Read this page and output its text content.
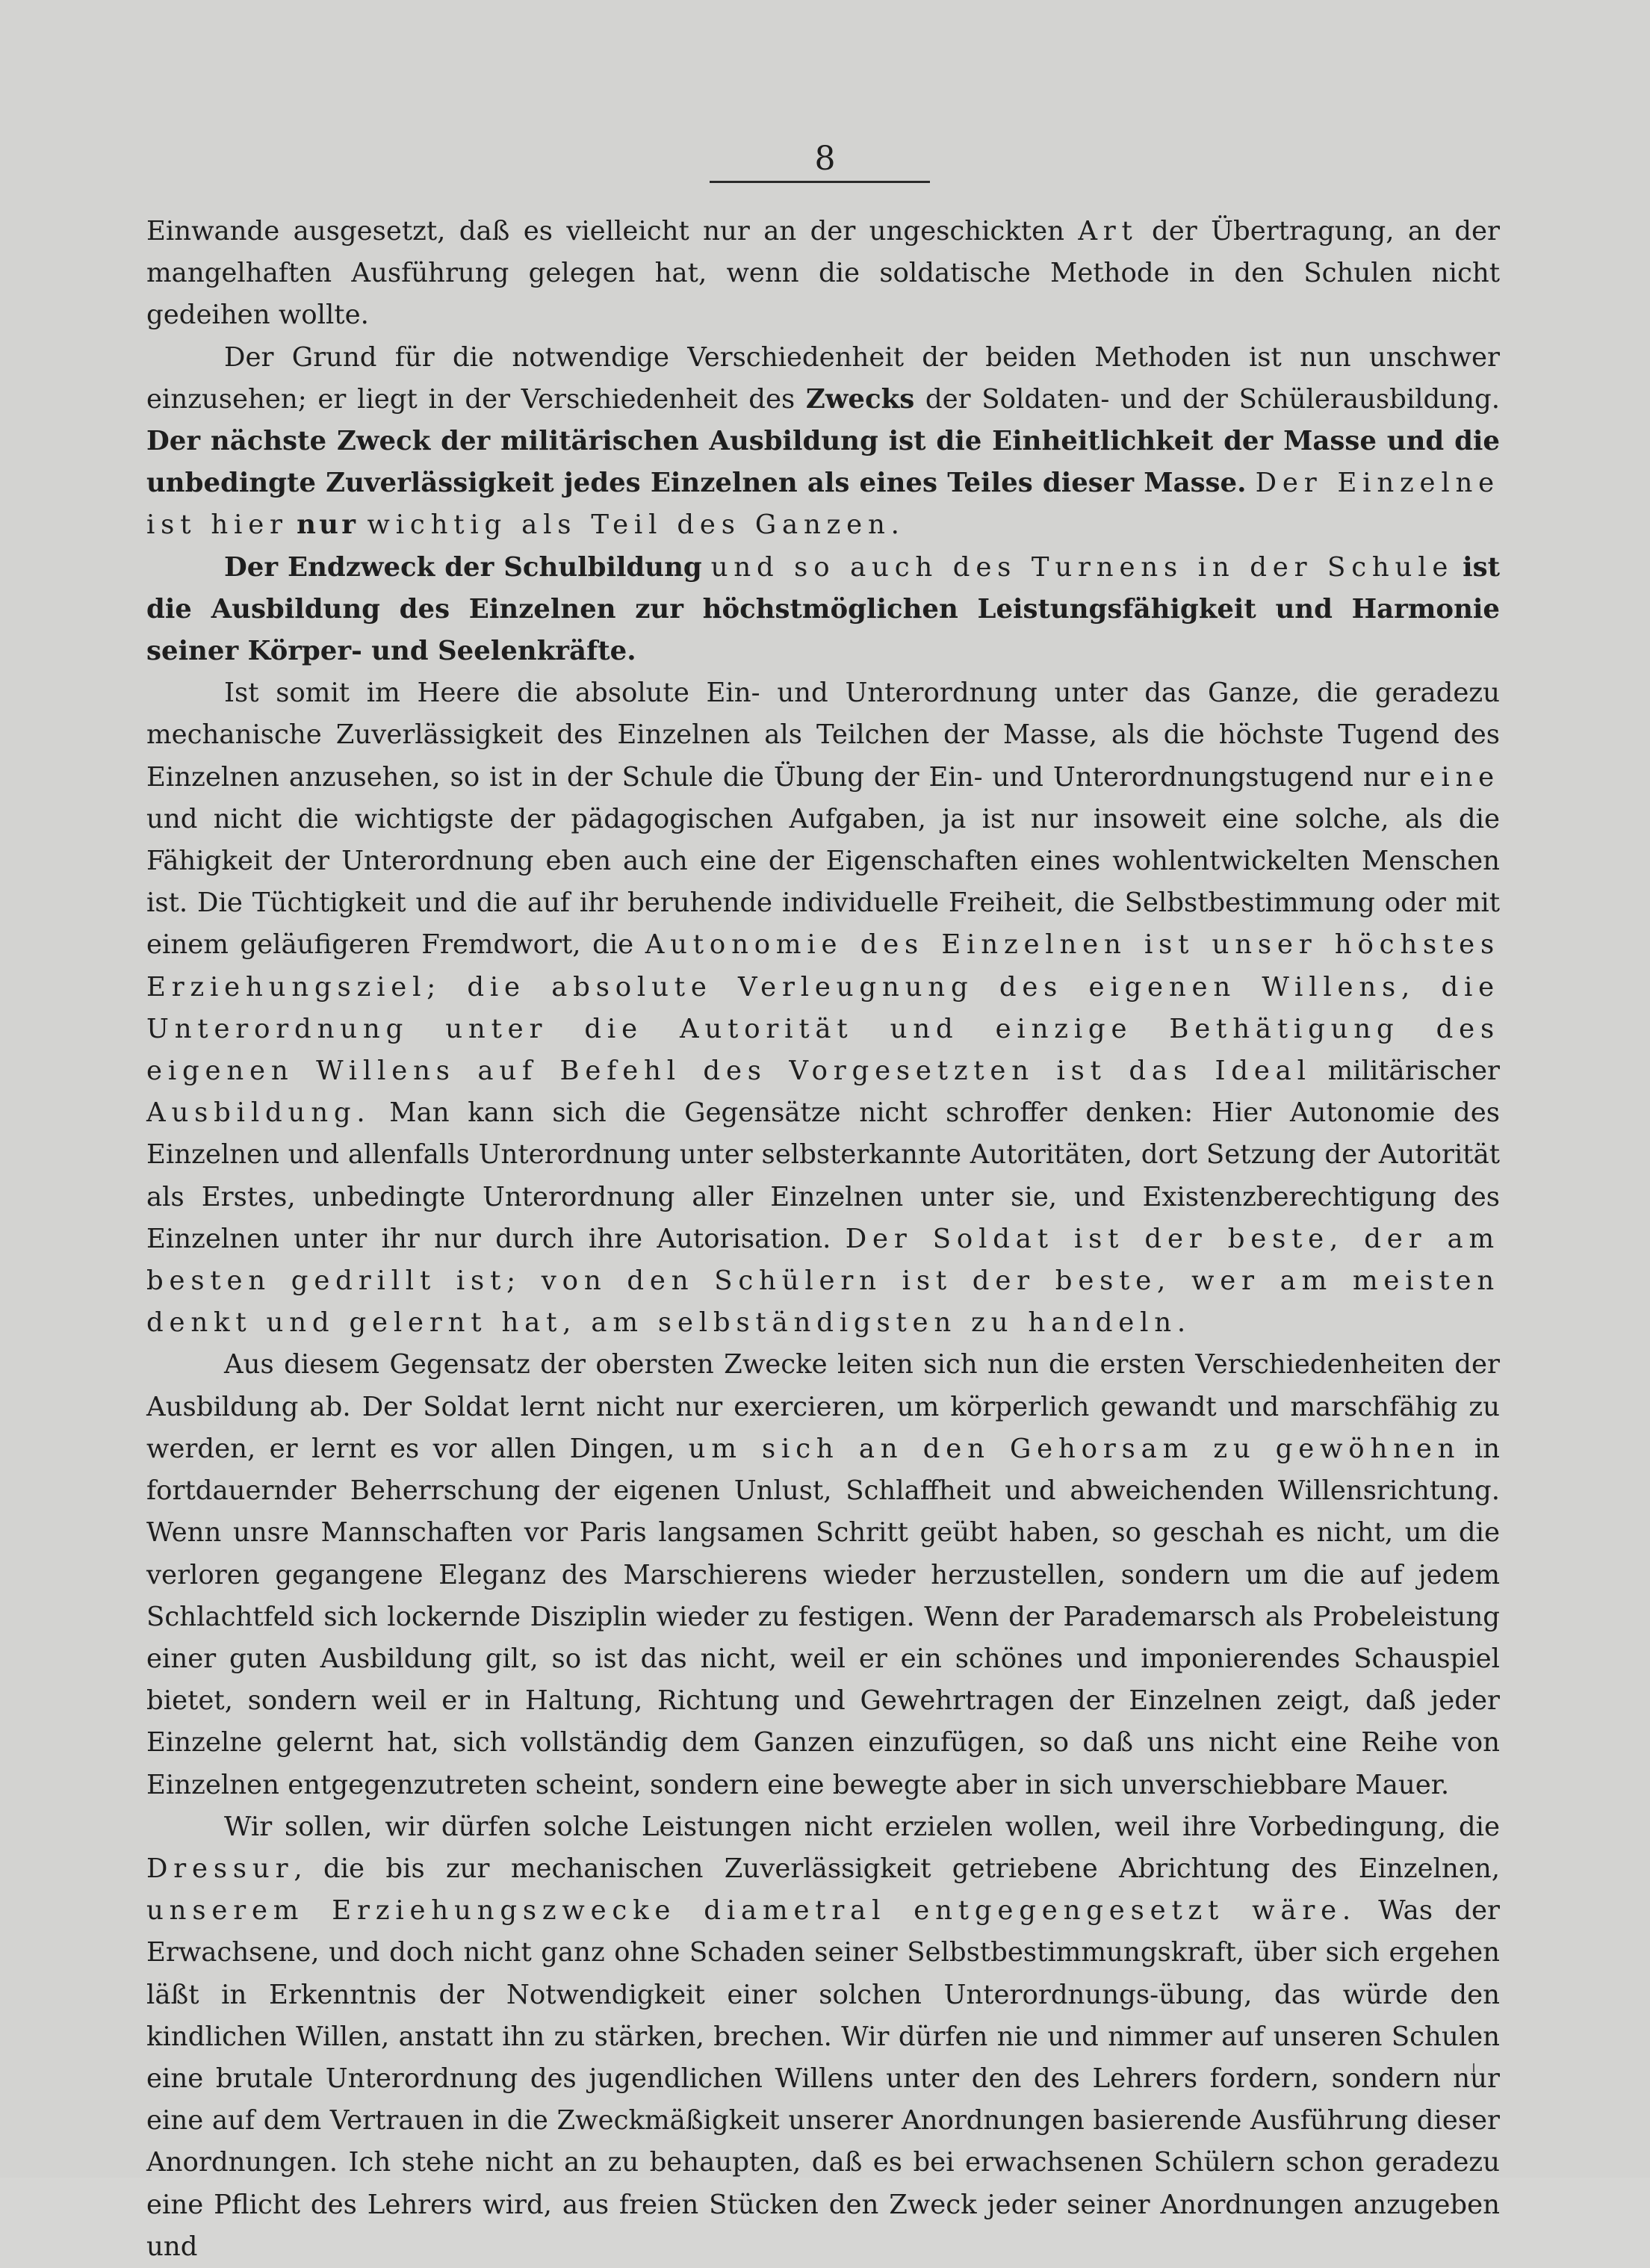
8

Einwande ausgesetzt, daß es vielleicht nur an der ungeschickten Art der Übertragung, an der mangelhaften Ausführung gelegen hat, wenn die soldatische Methode in den Schulen nicht gedeihen wollte.

Der Grund für die notwendige Verschiedenheit der beiden Methoden ist nun unschwer einzusehen; er liegt in der Verschiedenheit des Zwecks der Soldaten- und der Schülerausbildung. Der nächste Zweck der militärischen Ausbildung ist die Einheitlichkeit der Masse und die unbedingte Zuverlässigkeit jedes Einzelnen als eines Teiles dieser Masse. Der Einzelne ist hier nur wichtig als Teil des Ganzen.

Der Endzweck der Schulbildung und so auch des Turnens in der Schule ist die Ausbildung des Einzelnen zur höchstmöglichen Leistungsfähigkeit und Harmonie seiner Körper- und Seelenkräfte.

Ist somit im Heere die absolute Ein- und Unterordnung unter das Ganze, die geradezu mechanische Zuverlässigkeit des Einzelnen als Teilchen der Masse, als die höchste Tugend des Einzelnen anzusehen, so ist in der Schule die Übung der Ein- und Unterordnungstugend nur eine und nicht die wichtigste der pädagogischen Aufgaben, ja ist nur insoweit eine solche, als die Fähigkeit der Unterordnung eben auch eine der Eigenschaften eines wohlentwickelten Menschen ist. Die Tüchtigkeit und die auf ihr beruhende individuelle Freiheit, die Selbstbestimmung oder mit einem geläufigeren Fremdwort, die Autonomie des Einzelnen ist unser höchstes Erziehungsziel; die absolute Verleugnung des eigenen Willens, die Unterordnung unter die Autorität und einzige Bethätigung des eigenen Willens auf Befehl des Vorgesetzten ist das Ideal militärischer Ausbildung. Man kann sich die Gegensätze nicht schroffer denken: Hier Autonomie des Einzelnen und allenfalls Unterordnung unter selbsterkannte Autoritäten, dort Setzung der Autorität als Erstes, unbedingte Unterordnung aller Einzelnen unter sie, und Existenzberechtigung des Einzelnen unter ihr nur durch ihre Autorisation. Der Soldat ist der beste, der am besten gedrillt ist; von den Schülern ist der beste, wer am meisten denkt und gelernt hat, am selbständigsten zu handeln.

Aus diesem Gegensatz der obersten Zwecke leiten sich nun die ersten Verschiedenheiten der Ausbildung ab. Der Soldat lernt nicht nur exercieren, um körperlich gewandt und marschfähig zu werden, er lernt es vor allen Dingen, um sich an den Gehorsam zu gewöhnen in fortdauernder Beherrschung der eigenen Unlust, Schlaffheit und abweichenden Willensrichtung. Wenn unsre Mannschaften vor Paris langsamen Schritt geübt haben, so geschah es nicht, um die verloren gegangene Eleganz des Marschierens wieder herzustellen, sondern um die auf jedem Schlachtfeld sich lockernde Disziplin wieder zu festigen. Wenn der Parademarsch als Probeleistung einer guten Ausbildung gilt, so ist das nicht, weil er ein schönes und imponierendes Schauspiel bietet, sondern weil er in Haltung, Richtung und Gewehrtragen der Einzelnen zeigt, daß jeder Einzelne gelernt hat, sich vollständig dem Ganzen einzufügen, so daß uns nicht eine Reihe von Einzelnen entgegenzutreten scheint, sondern eine bewegte aber in sich unverschiebbare Mauer.

Wir sollen, wir dürfen solche Leistungen nicht erzielen wollen, weil ihre Vorbedingung, die Dressur, die bis zur mechanischen Zuverlässigkeit getriebene Abrichtung des Einzelnen, unserem Erziehungszwecke diametral entgegengesetzt wäre. Was der Erwachsene, und doch nicht ganz ohne Schaden seiner Selbstbestimmungskraft, über sich ergehen läßt in Erkenntnis der Notwendigkeit einer solchen Unterordnungs-übung, das würde den kindlichen Willen, anstatt ihn zu stärken, brechen. Wir dürfen nie und nimmer auf unseren Schulen eine brutale Unterordnung des jugendlichen Willens unter den des Lehrers fordern, sondern nur eine auf dem Vertrauen in die Zweckmäßigkeit unserer Anordnungen basierende Ausführung dieser Anordnungen. Ich stehe nicht an zu behaupten, daß es bei erwachsenen Schülern schon geradezu eine Pflicht des Lehrers wird, aus freien Stücken den Zweck jeder seiner Anordnungen anzugeben und
